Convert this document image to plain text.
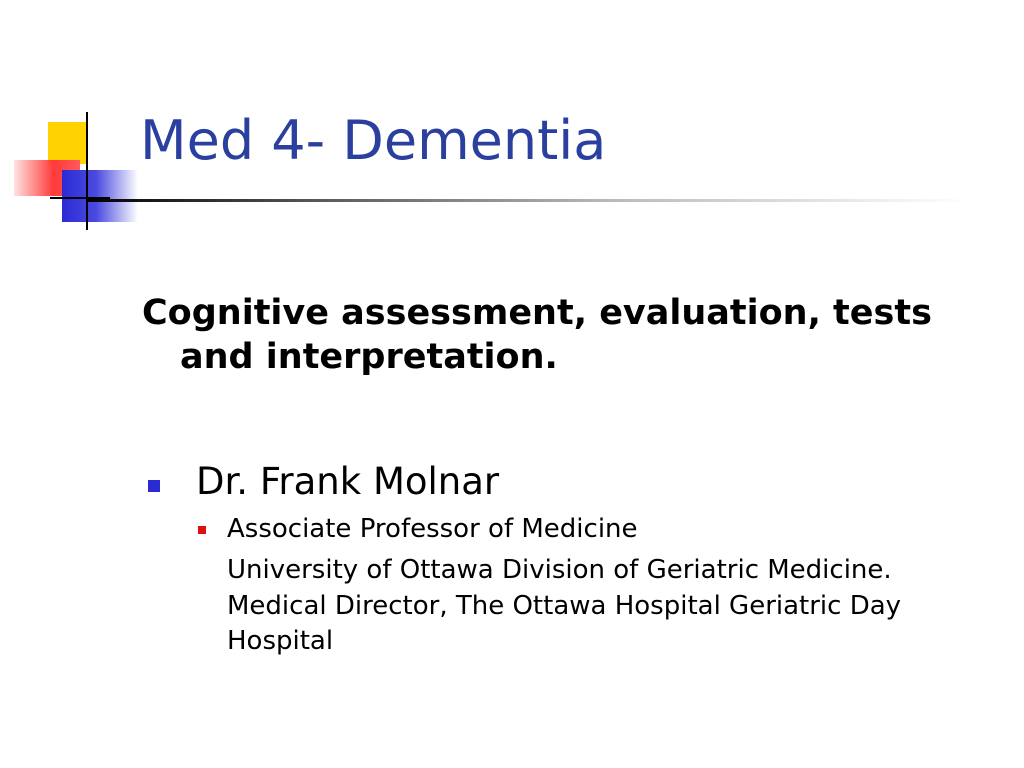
Med 4- Dementia

Cognitive assessment, evaluation, tests and interpretation.

Dr. Frank Molnar
Associate Professor of Medicine
University of Ottawa Division of Geriatric Medicine. Medical Director, The Ottawa Hospital Geriatric Day Hospital
